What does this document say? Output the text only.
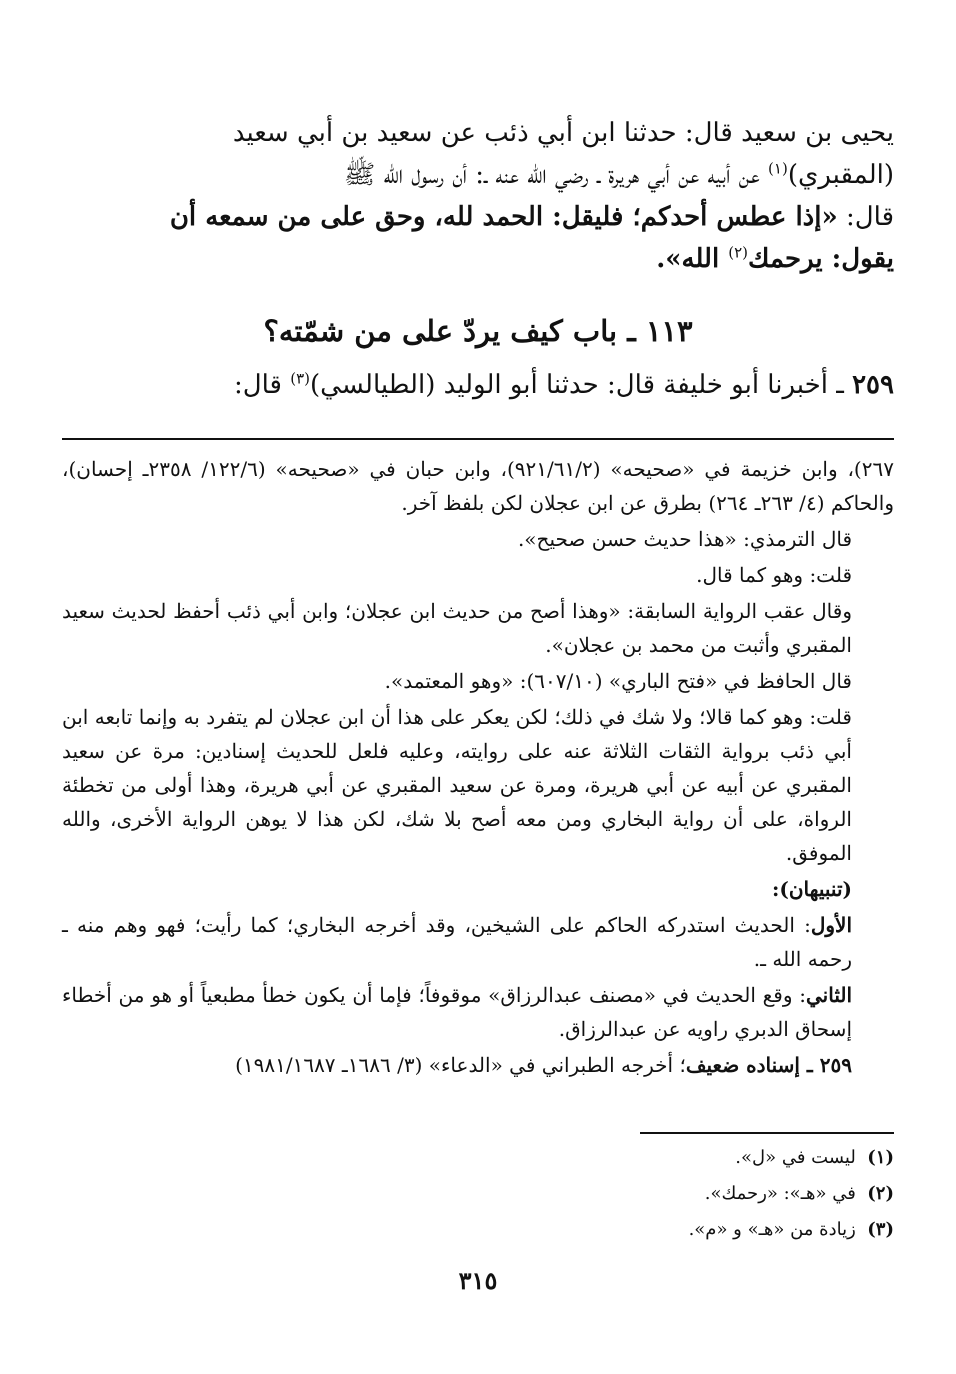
يحيى بن سعيد قال: حدثنا ابن أبي ذئب عن سعيد بن أبي سعيد

(المقبري)$^{(١)}$ عن أبيه عن أبي هريرة ـ رضي الله عنه ـ: أن رسول الله ﷺ

قال: «إذا عطس أحدكم؛ فليقل: الحمد لله، وحق على من سمعه أن

يقول: يرحمك$^{(٢)}$ الله».

١١٣ ـ باب كيف يردّ على من شمّته؟

٢٥٩ ـ أخبرنا أبو خليفة قال: حدثنا أبو الوليد (الطيالسي)$^{(٣)}$ قال:

٢٦٧)، وابن خزيمة في «صحيحه» (٩٢١/٦١/٢)، وابن حبان في «صحيحه» (١٢٢/٦/ ٢٣٥٨ـ إحسان)، والحاكم (٤/ ٢٦٣ـ ٢٦٤) بطرق عن ابن عجلان لكن بلفظ آخر.

قال الترمذي: «هذا حديث حسن صحيح».

قلت: وهو كما قال.

وقال عقب الرواية السابقة: «وهذا أصح من حديث ابن عجلان؛ وابن أبي ذئب أحفظ لحديث سعيد المقبري وأثبت من محمد بن عجلان».

قال الحافظ في «فتح الباري» (٦٠٧/١٠): «وهو المعتمد».

قلت: وهو كما قالا؛ ولا شك في ذلك؛ لكن يعكر على هذا أن ابن عجلان لم يتفرد به وإنما تابعه ابن أبي ذئب برواية الثقات الثلاثة عنه على روايته، وعليه فلعل للحديث إسنادين: مرة عن سعيد المقبري عن أبيه عن أبي هريرة، ومرة عن سعيد المقبري عن أبي هريرة، وهذا أولى من تخطئة الرواة، على أن رواية البخاري ومن معه أصح بلا شك، لكن هذا لا يوهن الرواية الأخرى، والله الموفق.

(تنبيهان):

الأول: الحديث استدركه الحاكم على الشيخين، وقد أخرجه البخاري؛ كما رأيت؛ فهو وهم منه ـ رحمه الله ـ.

الثاني: وقع الحديث في «مصنف عبدالرزاق» موقوفاً؛ فإما أن يكون خطأ مطبعياً أو هو من أخطاء إسحاق الدبري راويه عن عبدالرزاق.

٢٥٩ ـ إسناده ضعيف؛ أخرجه الطبراني في «الدعاء» (٣/ ١٦٨٦ـ ١٩٨١/١٦٨٧)

(١)  ليست في «ل».

(٢)  في «هـ»: «رحمك».

(٣)  زيادة من «هـ» و «م».

٣١٥
